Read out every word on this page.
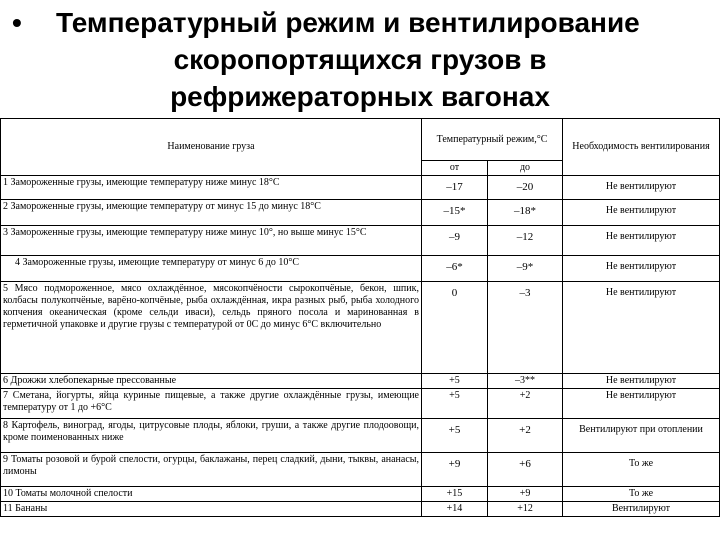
• Температурный режим и вентилирование
скоропортящихся грузов в
рефрижераторных вагонах
Наименование груза	Температурный режим,°С		Необходимость вентилирования
	от	до	
1 Замороженные грузы, имеющие температуру ниже минус 18°С	–17	–20	Не вентилируют
2 Замороженные грузы, имеющие температуру от минус 15 до минус 18°С	–15*	–18*	Не вентилируют
3 Замороженные грузы, имеющие температуру ниже минус 10°, но выше минус 15°С	–9	–12	Не вентилируют
4 Замороженные грузы, имеющие температуру от минус 6 до 10°С	–6*	–9*	Не вентилируют
5 Мясо подмороженное, мясо охлаждённое, мясокопчёности сырокопчёные, бекон, шпик, колбасы полукопчёные, варёно-копчёные, рыба охлаждённая, икра разных рыб, рыба холодного копчения океаническая (кроме сельди иваси), сельдь пряного посола и маринованная в герметичной упаковке и другие грузы с температурой от 0С до минус 6°С включительно	0	–3	Не вентилируют
6 Дрожжи хлебопекарные прессованные	+5	–3**	Не вентилируют
7 Сметана, йогурты, яйца куриные пищевые, а также другие охлаждённые грузы, имеющие температуру от 1 до +6°С	+5	+2	Не вентилируют
8 Картофель, виноград, ягоды, цитрусовые плоды, яблоки, груши, а также другие плодоовощи, кроме поименованных ниже	+5	+2	Вентилируют при отоплении
9 Томаты розовой и бурой спелости, огурцы, баклажаны, перец сладкий, дыни, тыквы, ананасы, лимоны	+9	+6	То же
10 Томаты молочной спелости	+15	+9	То же
11 Бананы	+14	+12	Вентилируют
